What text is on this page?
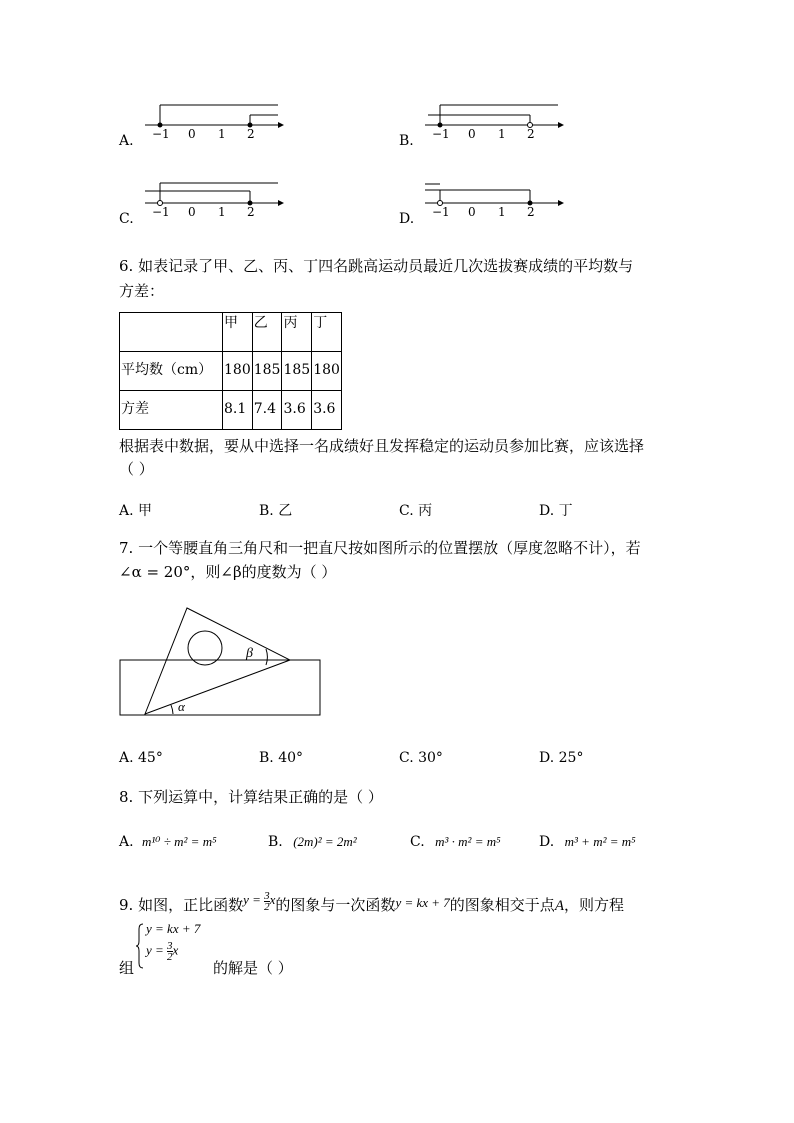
A. −1 0 1 2	B. −1 0 1 2
C. −1 0 1 2	D. −1 0 1 2
6. 如表记录了甲、乙、丙、丁四名跳高运动员最近几次选拔赛成绩的平均数与
方差：
	甲	乙	丙	丁
平均数（cm）	180	185	185	180
方差	8.1	7.4	3.6	3.6
根据表中数据，要从中选择一名成绩好且发挥稳定的运动员参加比赛，应该选择
（ ）
A. 甲	B. 乙	C. 丙	D. 丁
7. 一个等腰直角三角尺和一把直尺按如图所示的位置摆放（厚度忽略不计），若
∠α = 20°，则∠β的度数为（ ）
α
β
A. 45°	B. 40°	C. 30°	D. 25°
8. 下列运算中，计算结果正确的是（ ）
A. m¹⁰ ÷ m² = m⁵	B. (2m)² = 2m²	C. m³ · m² = m⁵	D. m³ + m² = m⁵
9. 如图，正比函数$y = \frac{3}{2}$ x的图象与一次函数y = kx + 7的图象相交于点A，则方程
组
y = kx + 7
$y = \frac{3}{2}$ x
的解是（ ）
